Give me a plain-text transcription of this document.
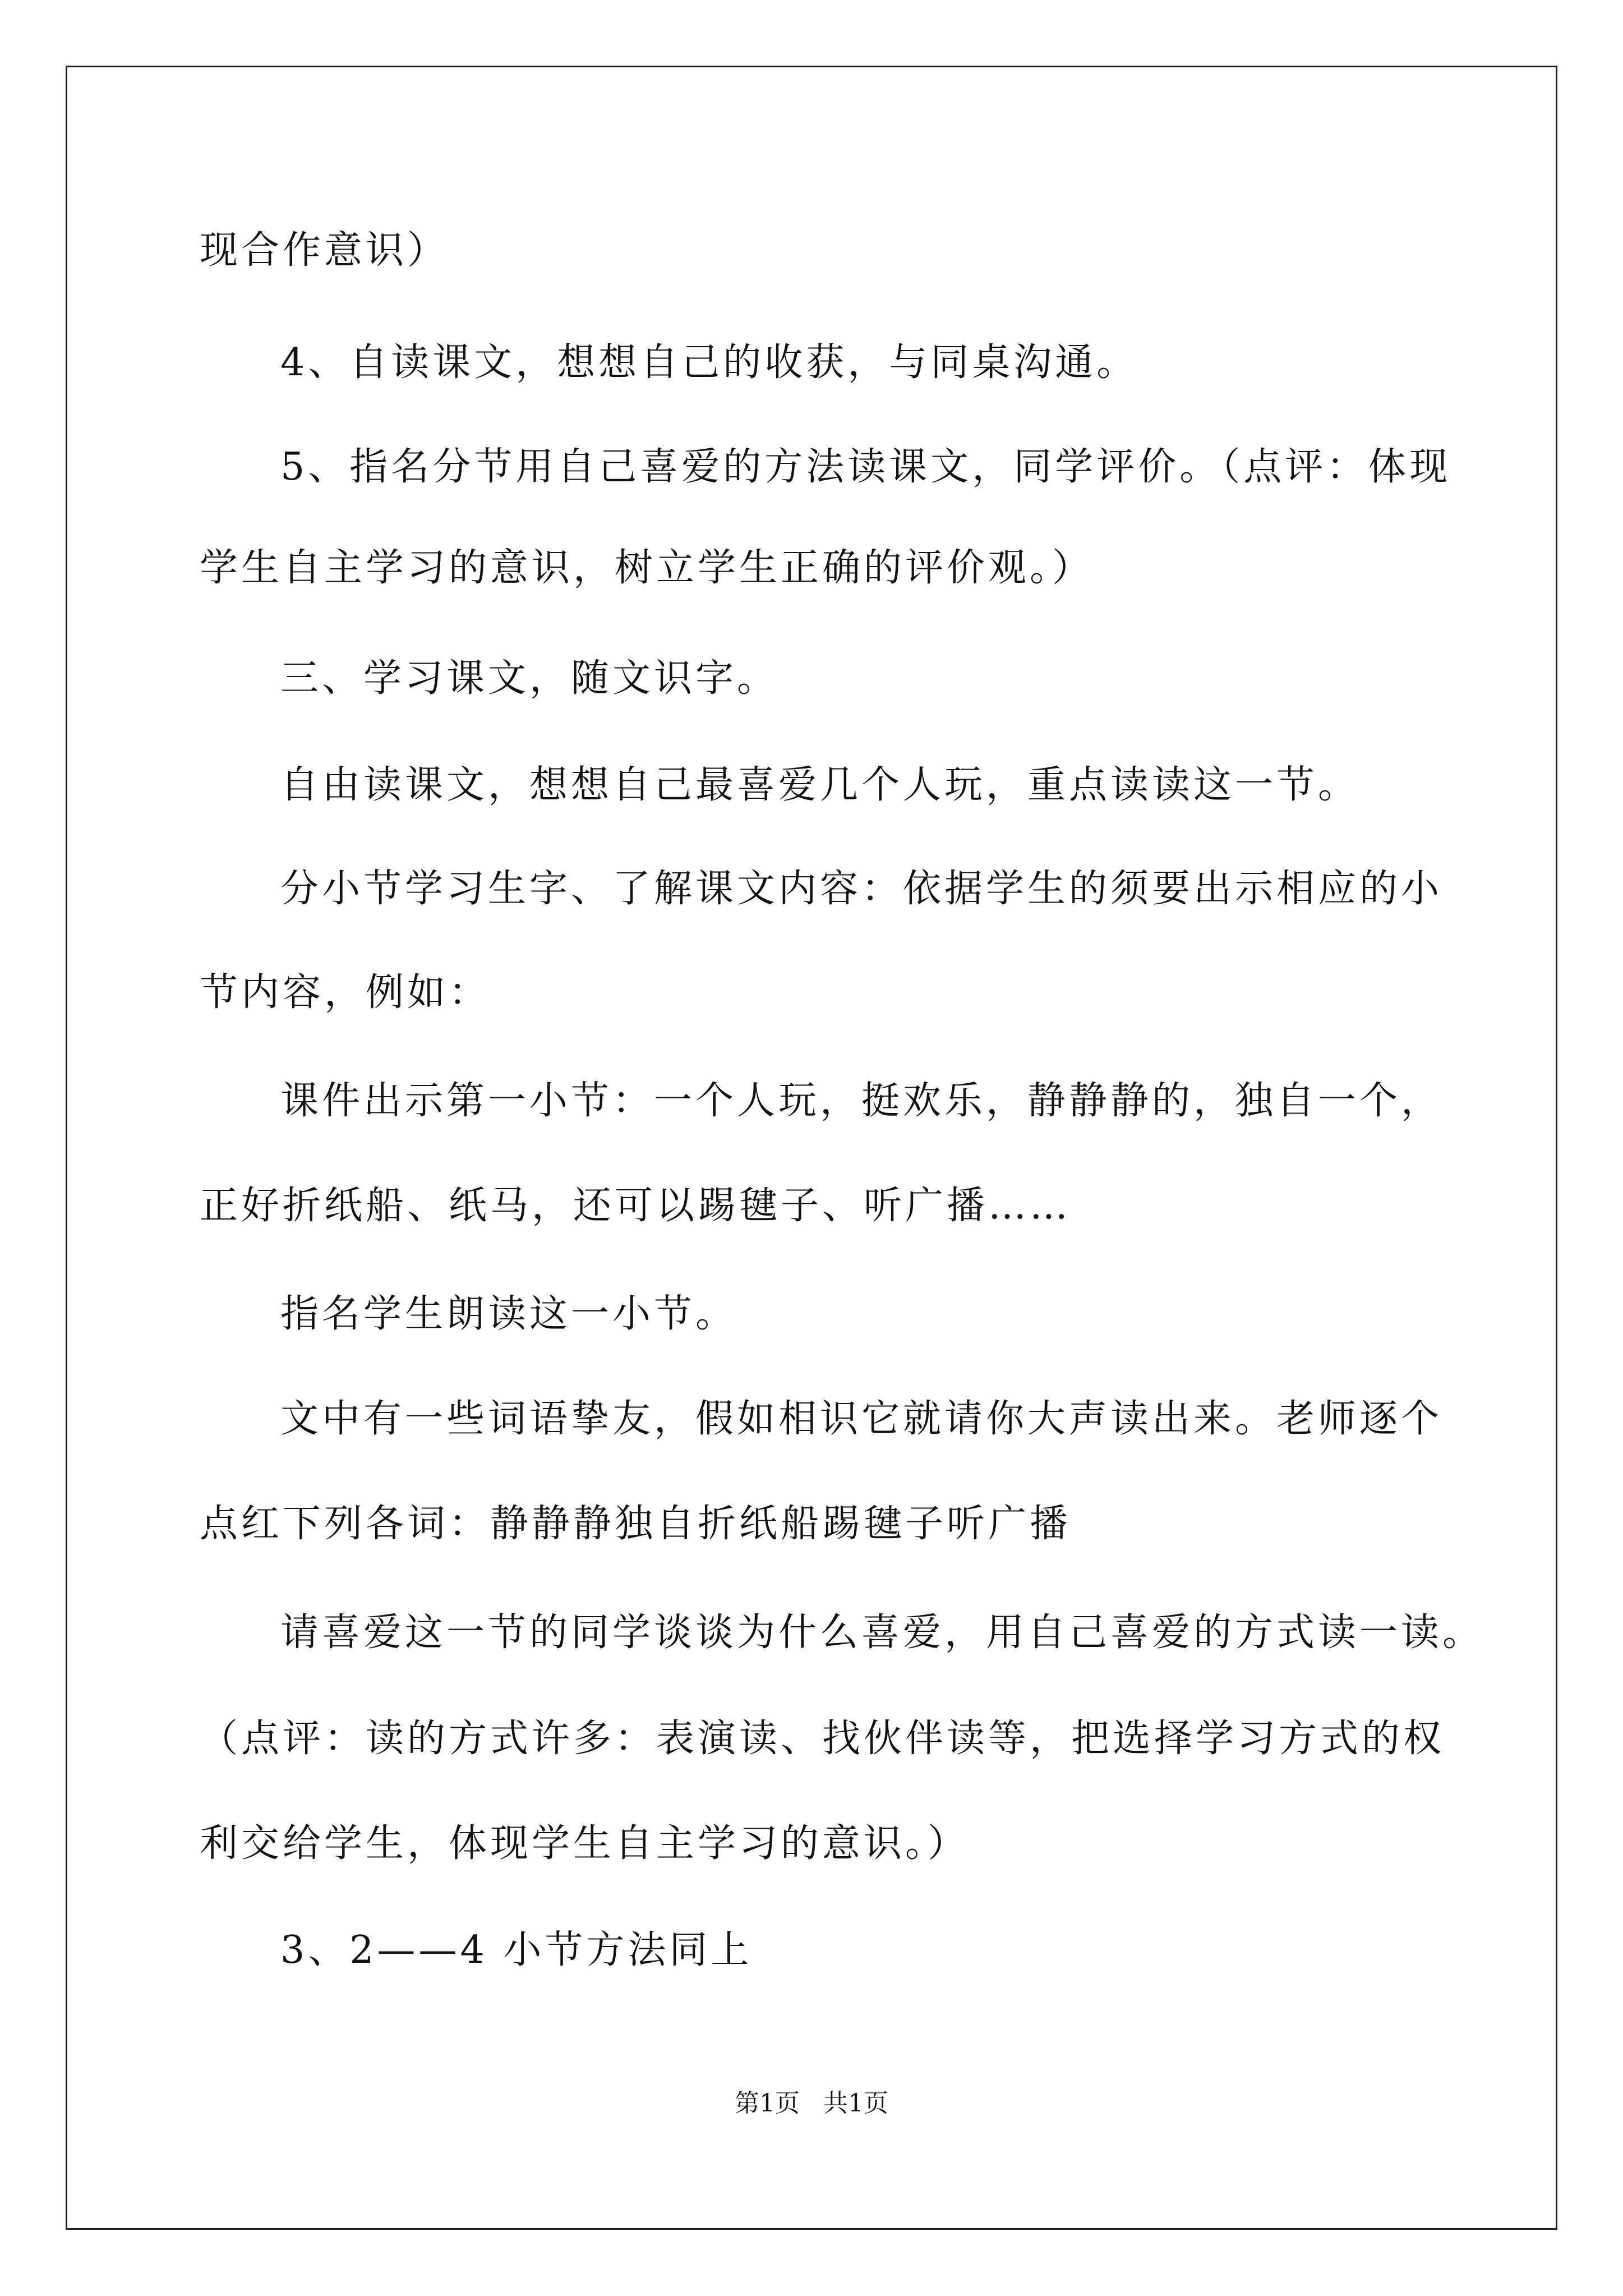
现合作意识）
4、自读课文，想想自己的收获，与同桌沟通。
5、指名分节用自己喜爱的方法读课文，同学评价。（点评：体现
学生自主学习的意识，树立学生正确的评价观。）
三、学习课文，随文识字。
自由读课文，想想自己最喜爱几个人玩，重点读读这一节。
分小节学习生字、了解课文内容：依据学生的须要出示相应的小
节内容，例如：
课件出示第一小节：一个人玩，挺欢乐，静静静的，独自一个，
正好折纸船、纸马，还可以踢毽子、听广播……
指名学生朗读这一小节。
文中有一些词语挚友，假如相识它就请你大声读出来。老师逐个
点红下列各词：静静静独自折纸船踢毽子听广播
请喜爱这一节的同学谈谈为什么喜爱，用自己喜爱的方式读一读。
（点评：读的方式许多：表演读、找伙伴读等，把选择学习方式的权
利交给学生，体现学生自主学习的意识。）
3、2——4 小节方法同上
第1页   共1页
